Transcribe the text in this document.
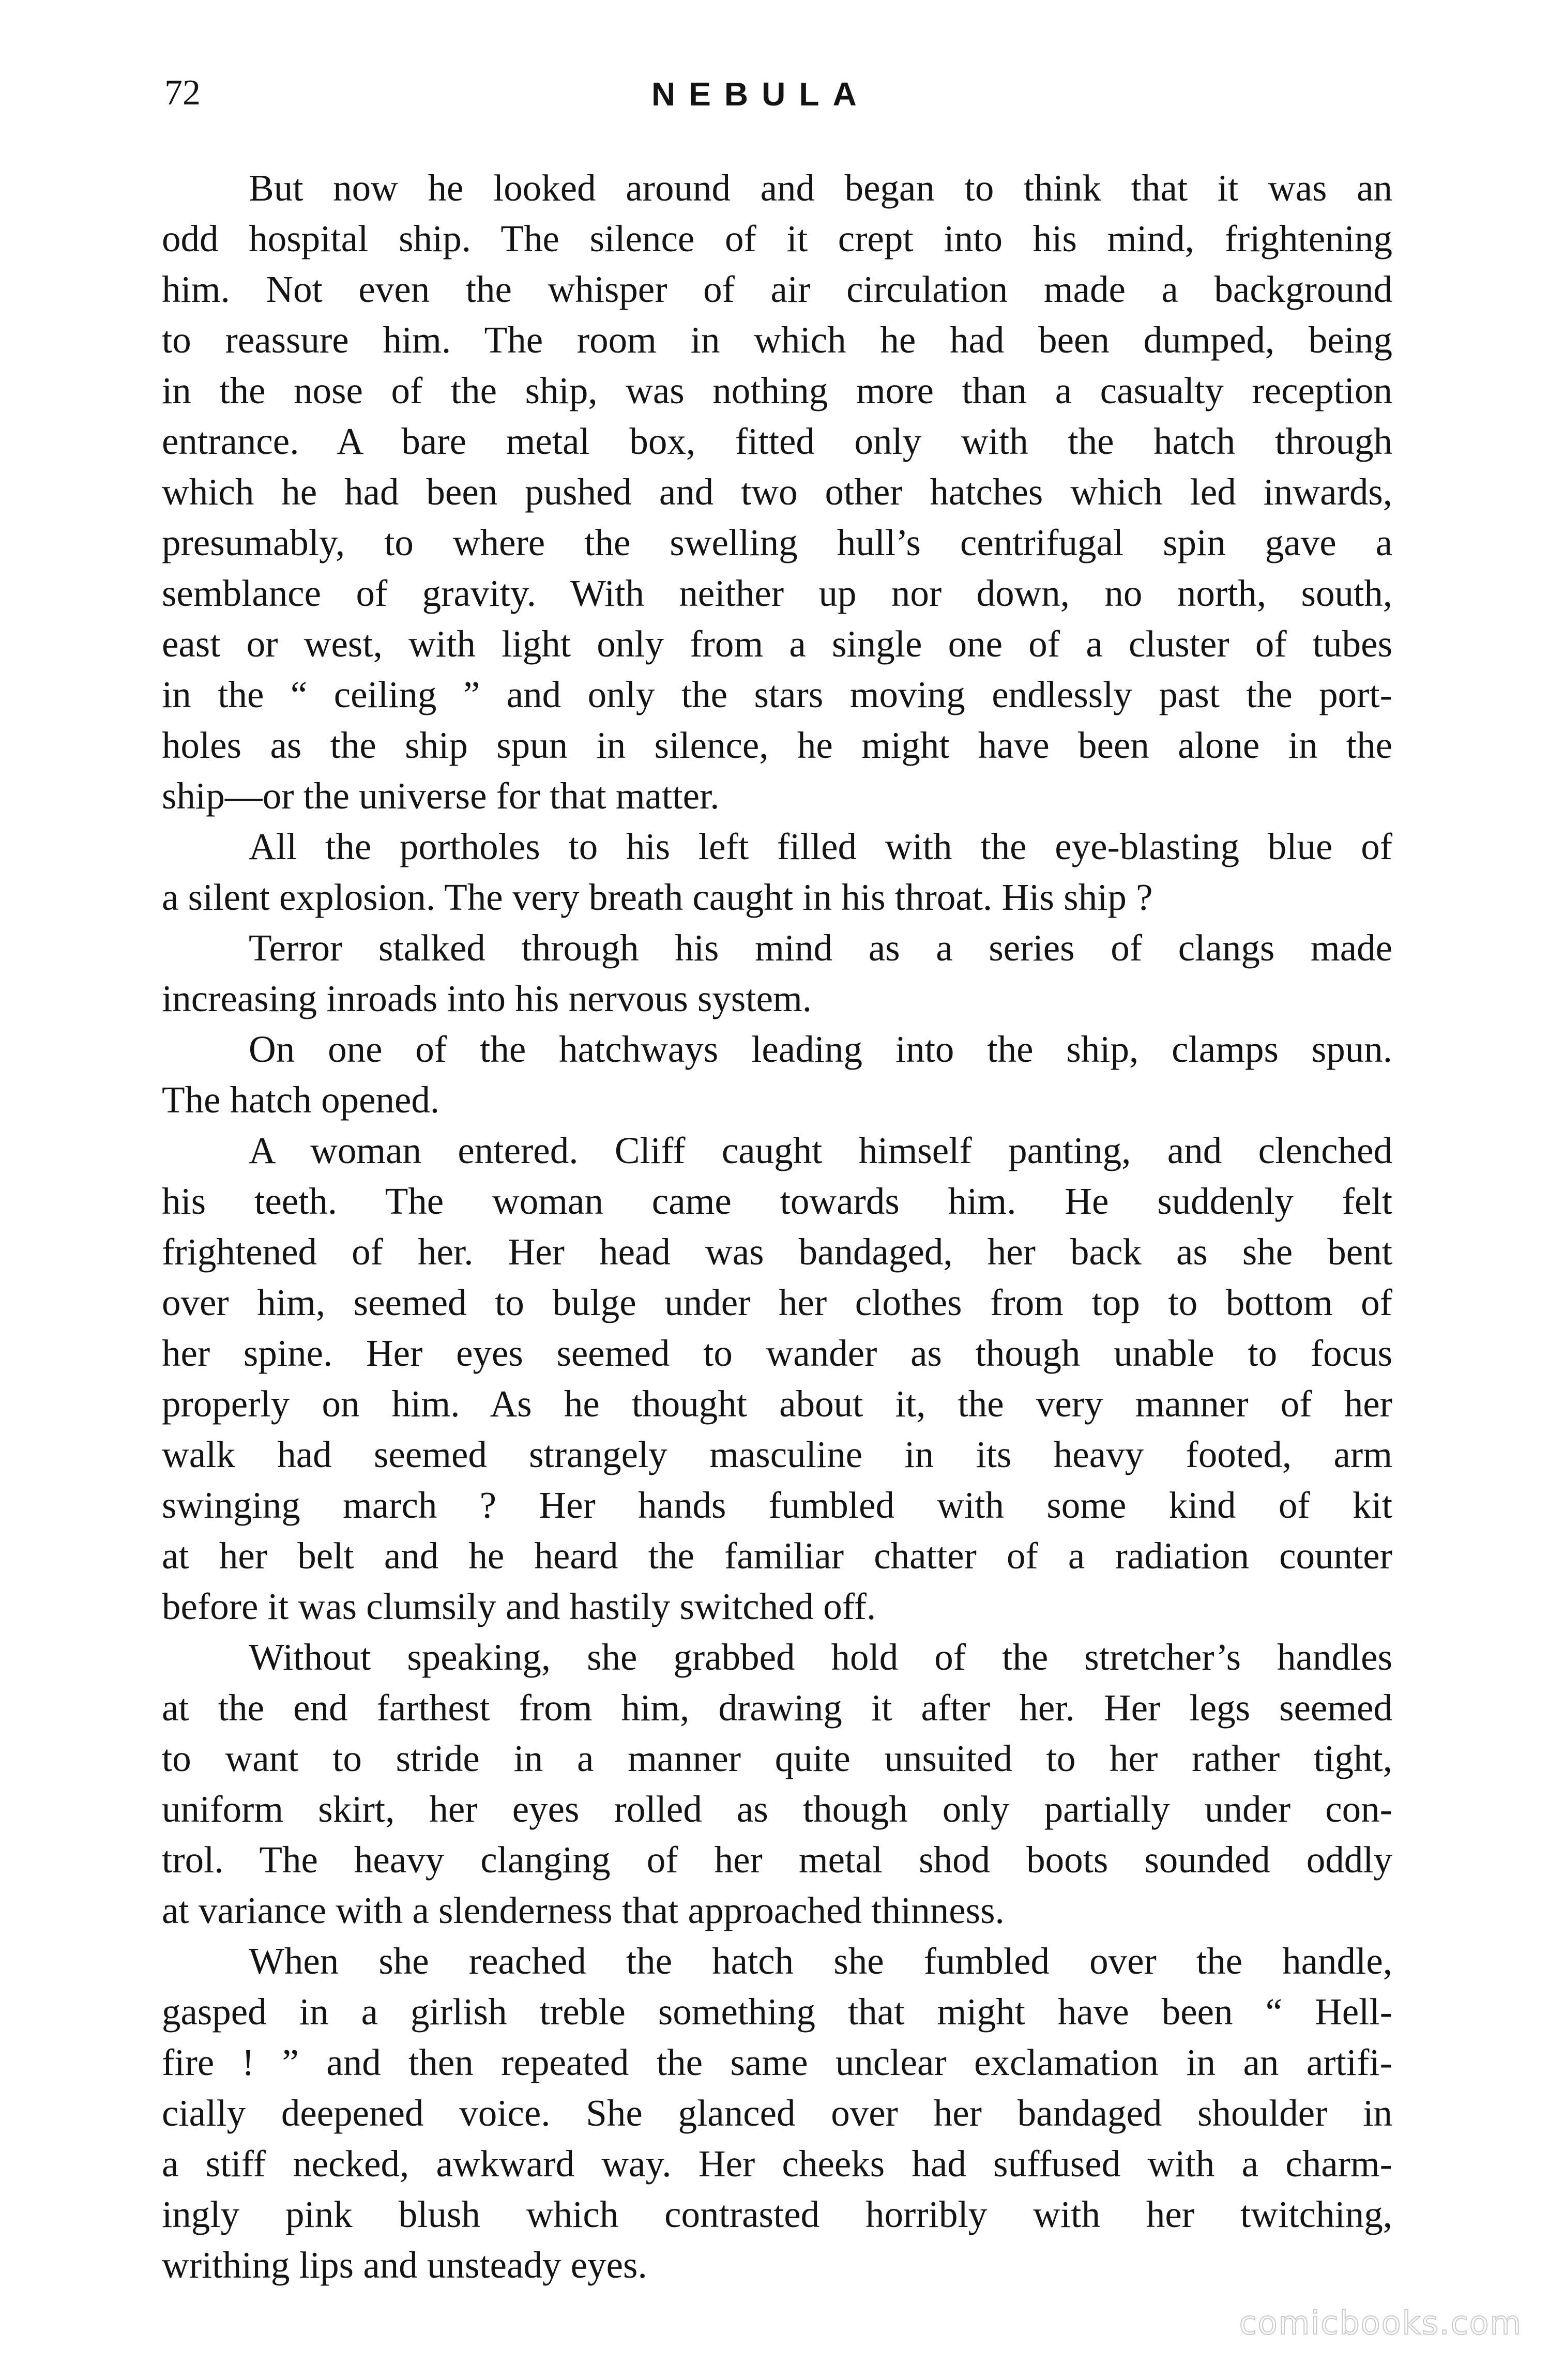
72	NEBULA
But now he looked around and began to think that it was an
odd hospital ship. The silence of it crept into his mind, frightening
him. Not even the whisper of air circulation made a background
to reassure him. The room in which he had been dumped, being
in the nose of the ship, was nothing more than a casualty reception
entrance. A bare metal box, fitted only with the hatch through
which he had been pushed and two other hatches which led inwards,
presumably, to where the swelling hull’s centrifugal spin gave a
semblance of gravity. With neither up nor down, no north, south,
east or west, with light only from a single one of a cluster of tubes
in the “ ceiling ” and only the stars moving endlessly past the port-
holes as the ship spun in silence, he might have been alone in the
ship—or the universe for that matter.
All the portholes to his left filled with the eye-blasting blue of
a silent explosion. The very breath caught in his throat. His ship ?
Terror stalked through his mind as a series of clangs made
increasing inroads into his nervous system.
On one of the hatchways leading into the ship, clamps spun.
The hatch opened.
A woman entered. Cliff caught himself panting, and clenched
his teeth. The woman came towards him. He suddenly felt
frightened of her. Her head was bandaged, her back as she bent
over him, seemed to bulge under her clothes from top to bottom of
her spine. Her eyes seemed to wander as though unable to focus
properly on him. As he thought about it, the very manner of her
walk had seemed strangely masculine in its heavy footed, arm
swinging march ? Her hands fumbled with some kind of kit
at her belt and he heard the familiar chatter of a radiation counter
before it was clumsily and hastily switched off.
Without speaking, she grabbed hold of the stretcher’s handles
at the end farthest from him, drawing it after her. Her legs seemed
to want to stride in a manner quite unsuited to her rather tight,
uniform skirt, her eyes rolled as though only partially under con-
trol. The heavy clanging of her metal shod boots sounded oddly
at variance with a slenderness that approached thinness.
When she reached the hatch she fumbled over the handle,
gasped in a girlish treble something that might have been “ Hell-
fire ! ” and then repeated the same unclear exclamation in an artifi-
cially deepened voice. She glanced over her bandaged shoulder in
a stiff necked, awkward way. Her cheeks had suffused with a charm-
ingly pink blush which contrasted horribly with her twitching,
writhing lips and unsteady eyes.
comicbooks.com
